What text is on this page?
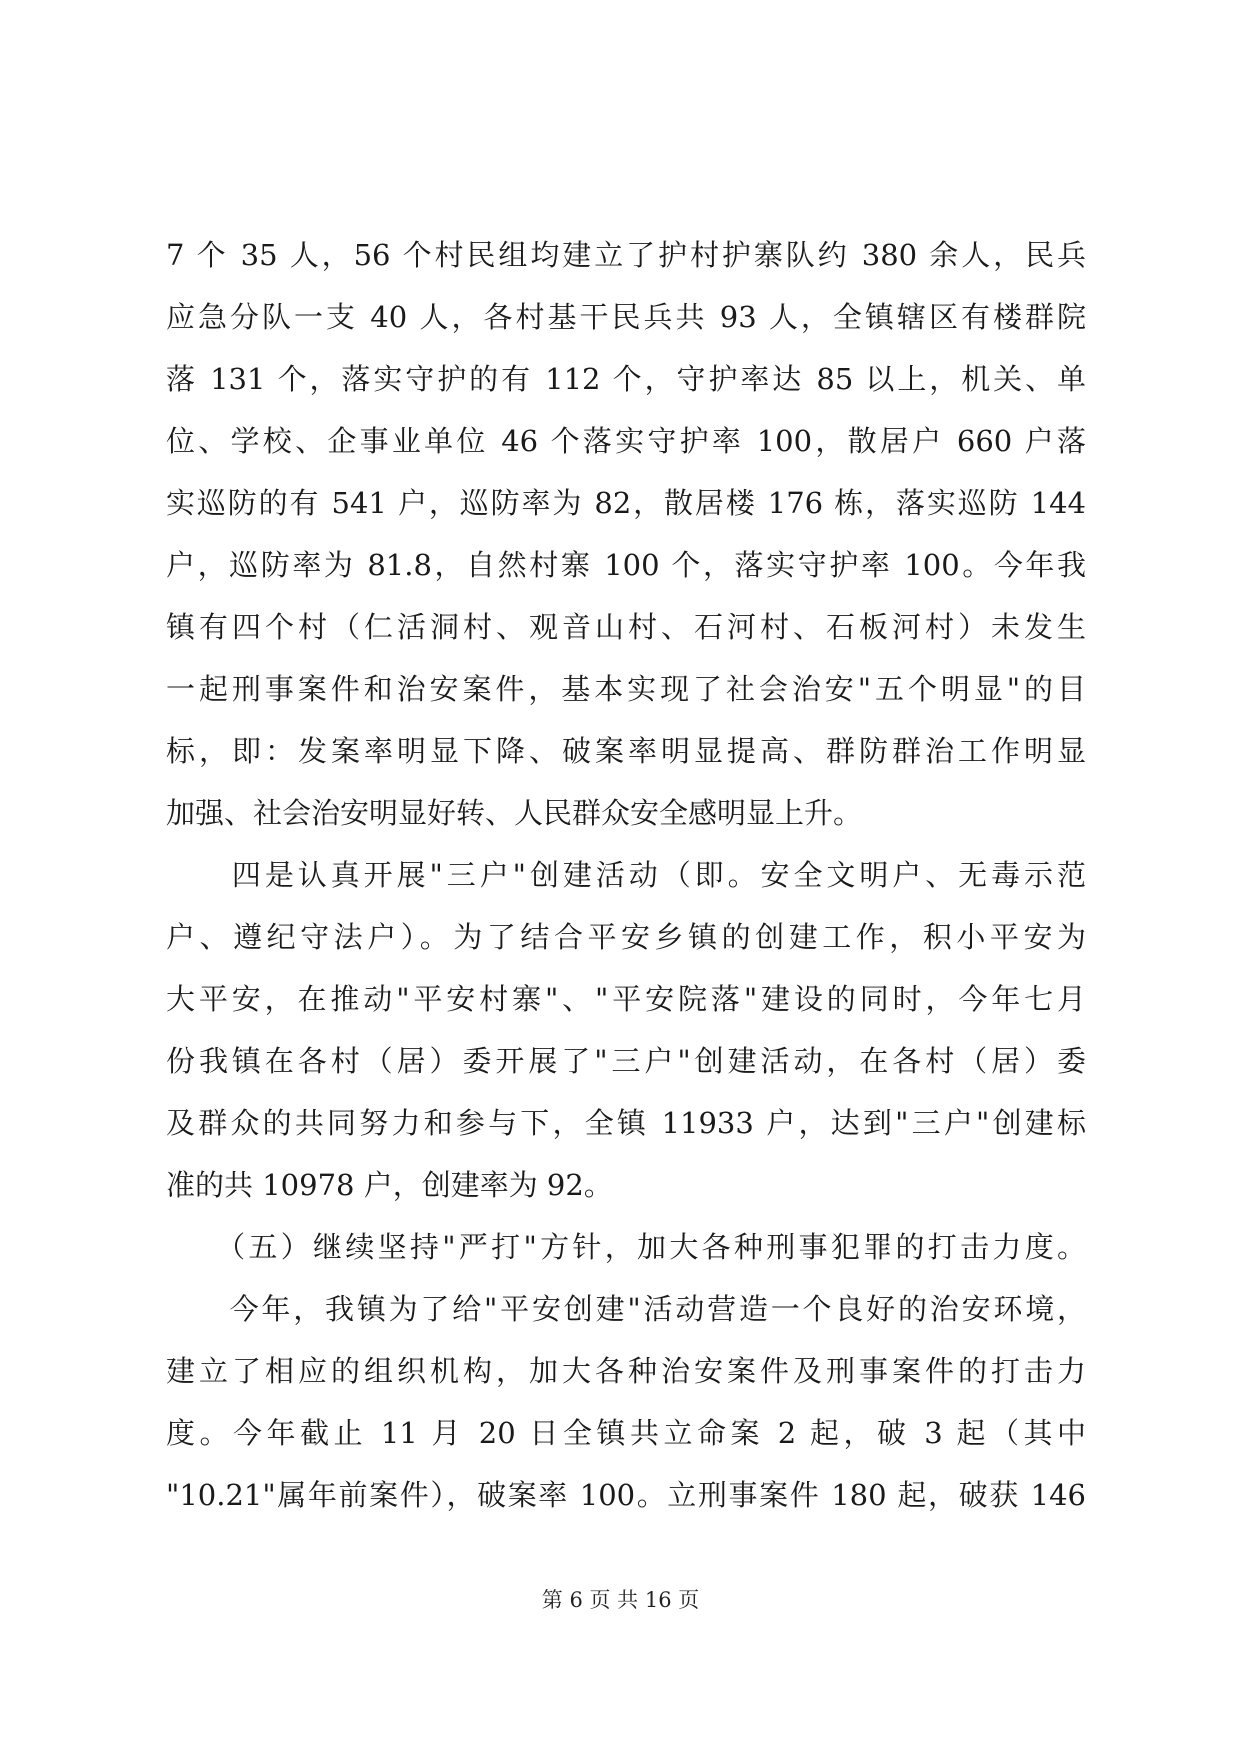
7 个 35 人，56 个村民组均建立了护村护寨队约 380 余人，民兵
应急分队一支 40 人，各村基干民兵共 93 人，全镇辖区有楼群院
落 131 个，落实守护的有 112 个，守护率达 85 以上，机关、单
位、学校、企事业单位 46 个落实守护率 100，散居户 660 户落
实巡防的有 541 户，巡防率为 82，散居楼 176 栋，落实巡防 144
户，巡防率为 81.8，自然村寨 100 个，落实守护率 100。今年我
镇有四个村（仁活洞村、观音山村、石河村、石板河村）未发生
一起刑事案件和治安案件，基本实现了社会治安"五个明显"的目
标，即：发案率明显下降、破案率明显提高、群防群治工作明显
加强、社会治安明显好转、人民群众安全感明显上升。
　　四是认真开展"三户"创建活动（即。安全文明户、无毒示范
户、遵纪守法户）。为了结合平安乡镇的创建工作，积小平安为
大平安，在推动"平安村寨"、"平安院落"建设的同时，今年七月
份我镇在各村（居）委开展了"三户"创建活动，在各村（居）委
及群众的共同努力和参与下，全镇 11933 户，达到"三户"创建标
准的共 10978 户，创建率为 92。
　　（五）继续坚持"严打"方针，加大各种刑事犯罪的打击力度。
　　今年，我镇为了给"平安创建"活动营造一个良好的治安环境，
建立了相应的组织机构，加大各种治安案件及刑事案件的打击力
度。今年截止 11 月 20 日全镇共立命案 2 起，破 3 起（其中
"10.21"属年前案件），破案率 100。立刑事案件 180 起，破获 146
第 6 页 共 16 页
